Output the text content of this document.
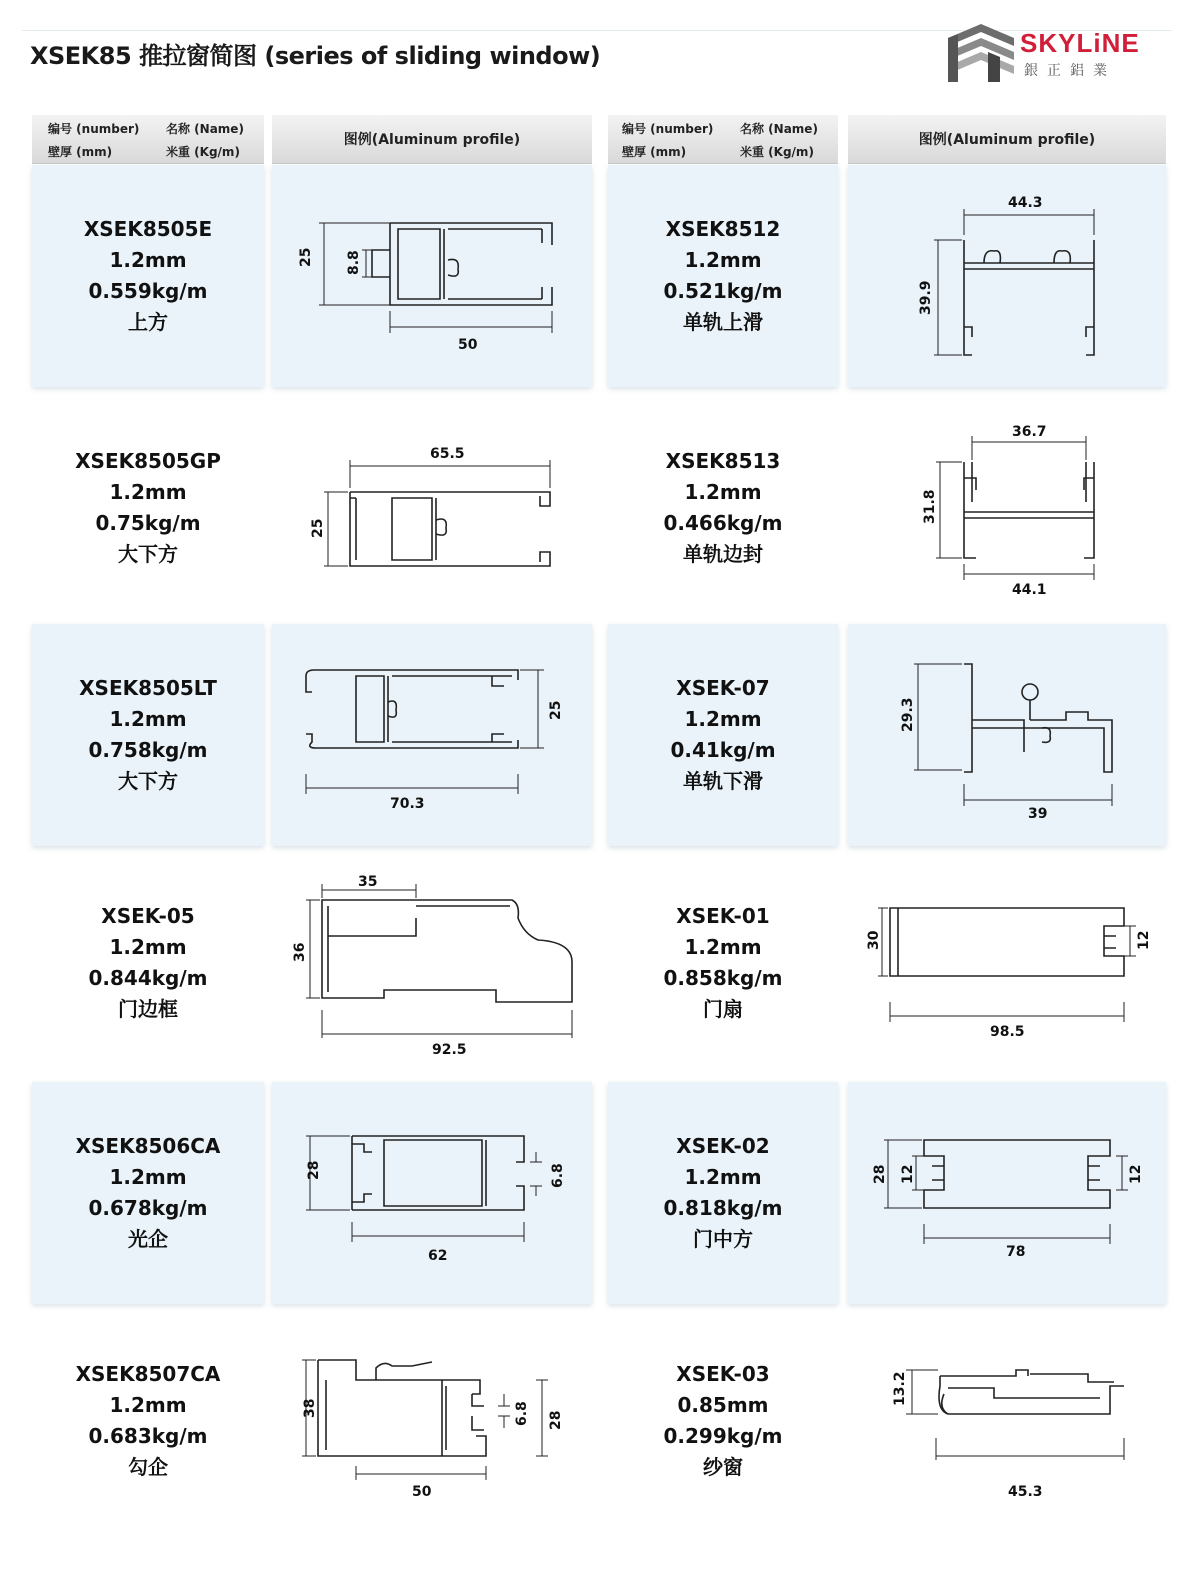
XSEK85 推拉窗简图 (series of sliding window)	SKYLiNE
銀正鋁業
编号 (number) 名称 (Name)
壁厚 (mm)	米重 (Kg/m)
图例(Aluminum profile)
编号 (number) 名称 (Name)
壁厚 (mm)	米重 (Kg/m)
图例(Aluminum profile)
XSEK8505E
1.2mm
0.559kg/m
上方
25 8.8
50
XSEK8512
1.2mm
0.521kg/m
单轨上滑
44.3
39.9
XSEK8505GP
1.2mm
0.75kg/m
大下方
65.5
25
XSEK8513
1.2mm
0.466kg/m
单轨边封
36.7
31.8
44.1
XSEK8505LT
1.2mm
0.758kg/m
大下方
25
70.3
XSEK-07
1.2mm
0.41kg/m
单轨下滑
29.3
39
XSEK-05
1.2mm
0.844kg/m
门边框
35
36
92.5
XSEK-01
1.2mm
0.858kg/m
门扇
30	12
98.5
XSEK8506CA
1.2mm
0.678kg/m
光企
28	6.8
62
XSEK-02
1.2mm
0.818kg/m
门中方
28 12	12
78
XSEK8507CA
1.2mm
0.683kg/m
勾企
38	6.8 28
50
XSEK-03
0.85mm
0.299kg/m
纱窗
13.2
45.3
